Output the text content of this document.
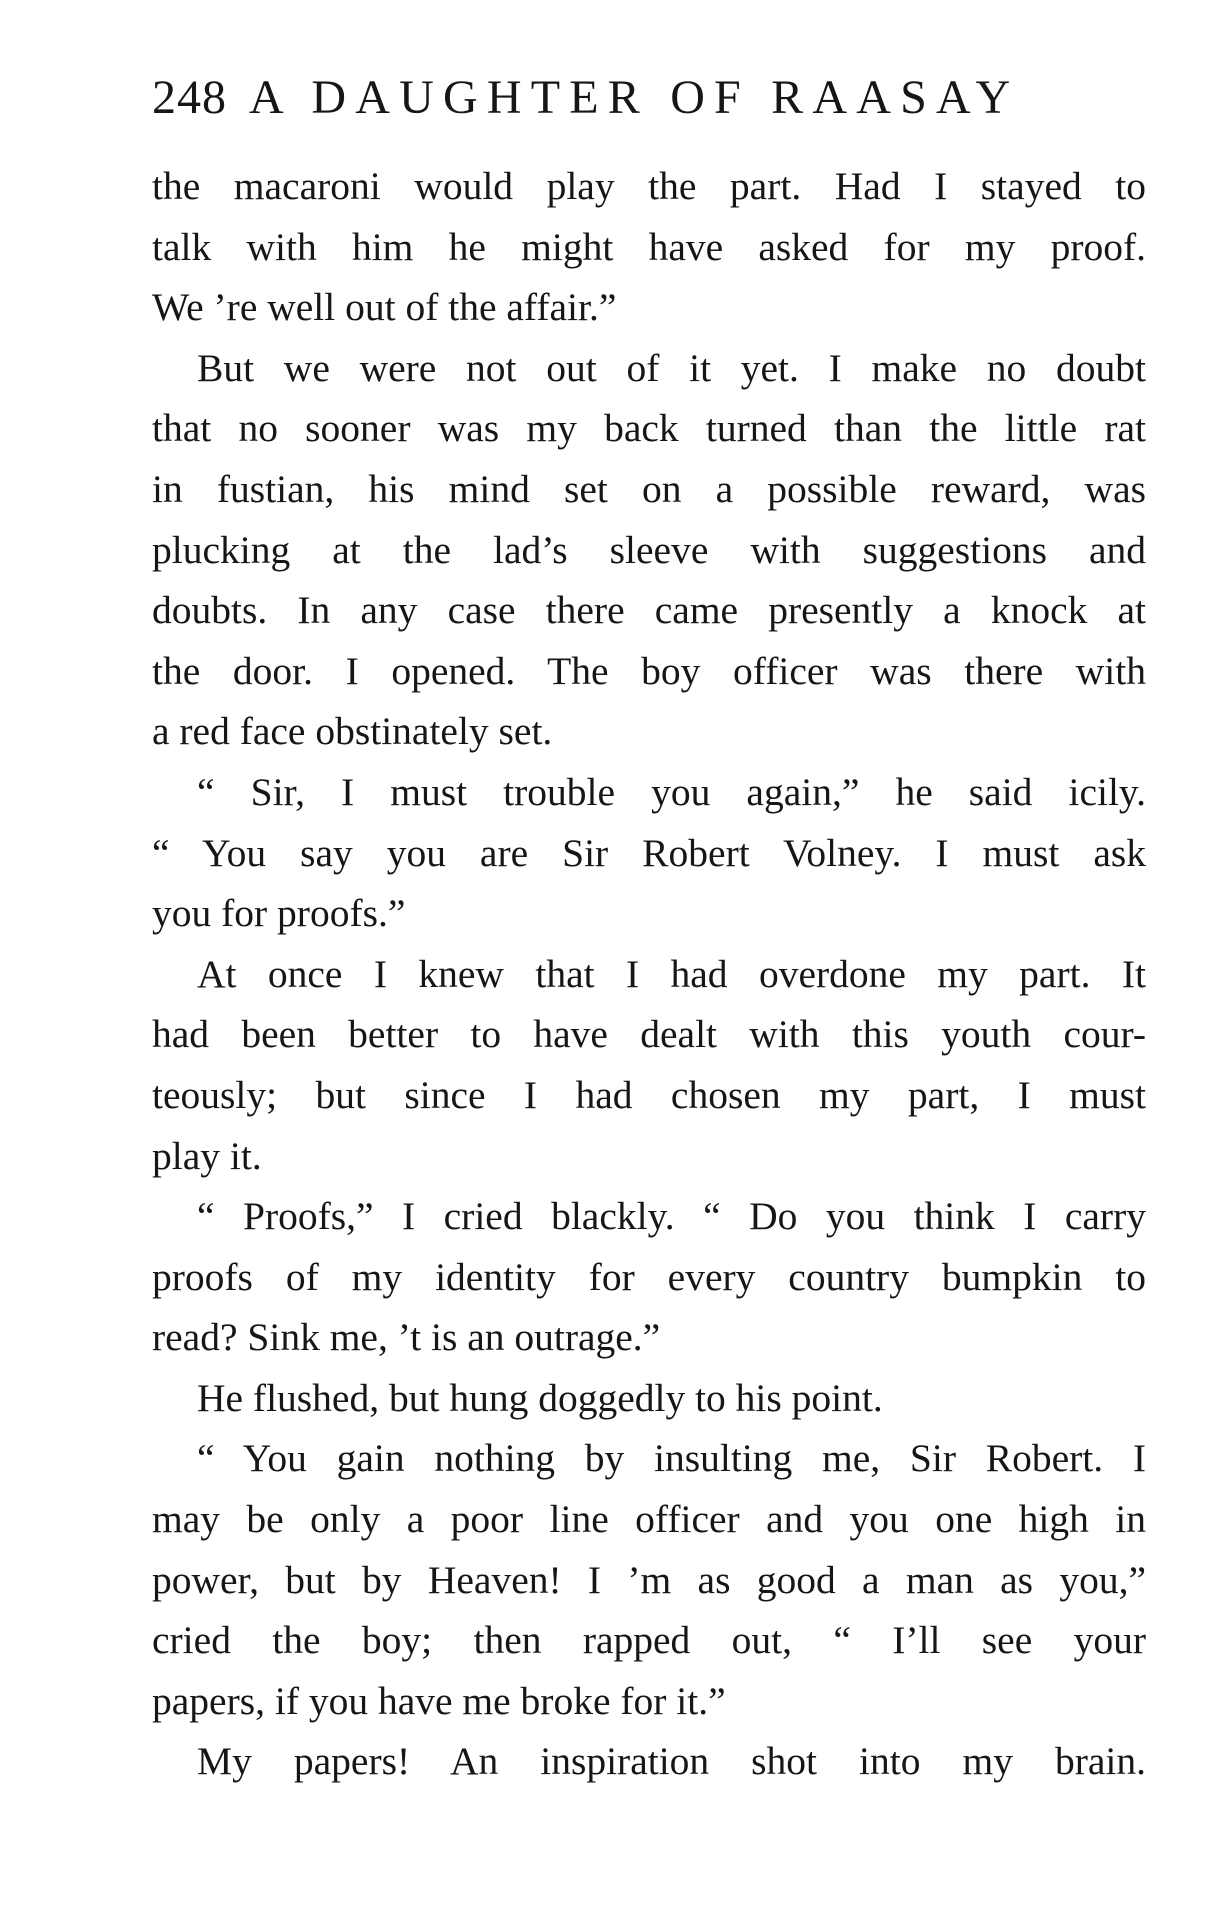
248 A DAUGHTER OF RAASAY
the macaroni would play the part. Had I stayed to
talk with him he might have asked for my proof.
We ’re well out of the affair.”
But we were not out of it yet. I make no doubt
that no sooner was my back turned than the little rat
in fustian, his mind set on a possible reward, was
plucking at the lad’s sleeve with suggestions and
doubts. In any case there came presently a knock at
the door. I opened. The boy officer was there with
a red face obstinately set.
“ Sir, I must trouble you again,” he said icily.
“ You say you are Sir Robert Volney. I must ask
you for proofs.”
At once I knew that I had overdone my part. It
had been better to have dealt with this youth cour-
teously; but since I had chosen my part, I must
play it.
“ Proofs,” I cried blackly. “ Do you think I carry
proofs of my identity for every country bumpkin to
read? Sink me, ’t is an outrage.”
He flushed, but hung doggedly to his point.
“ You gain nothing by insulting me, Sir Robert. I
may be only a poor line officer and you one high in
power, but by Heaven! I ’m as good a man as you,”
cried the boy; then rapped out, “ I’ll see your
papers, if you have me broke for it.”
My papers! An inspiration shot into my brain.
